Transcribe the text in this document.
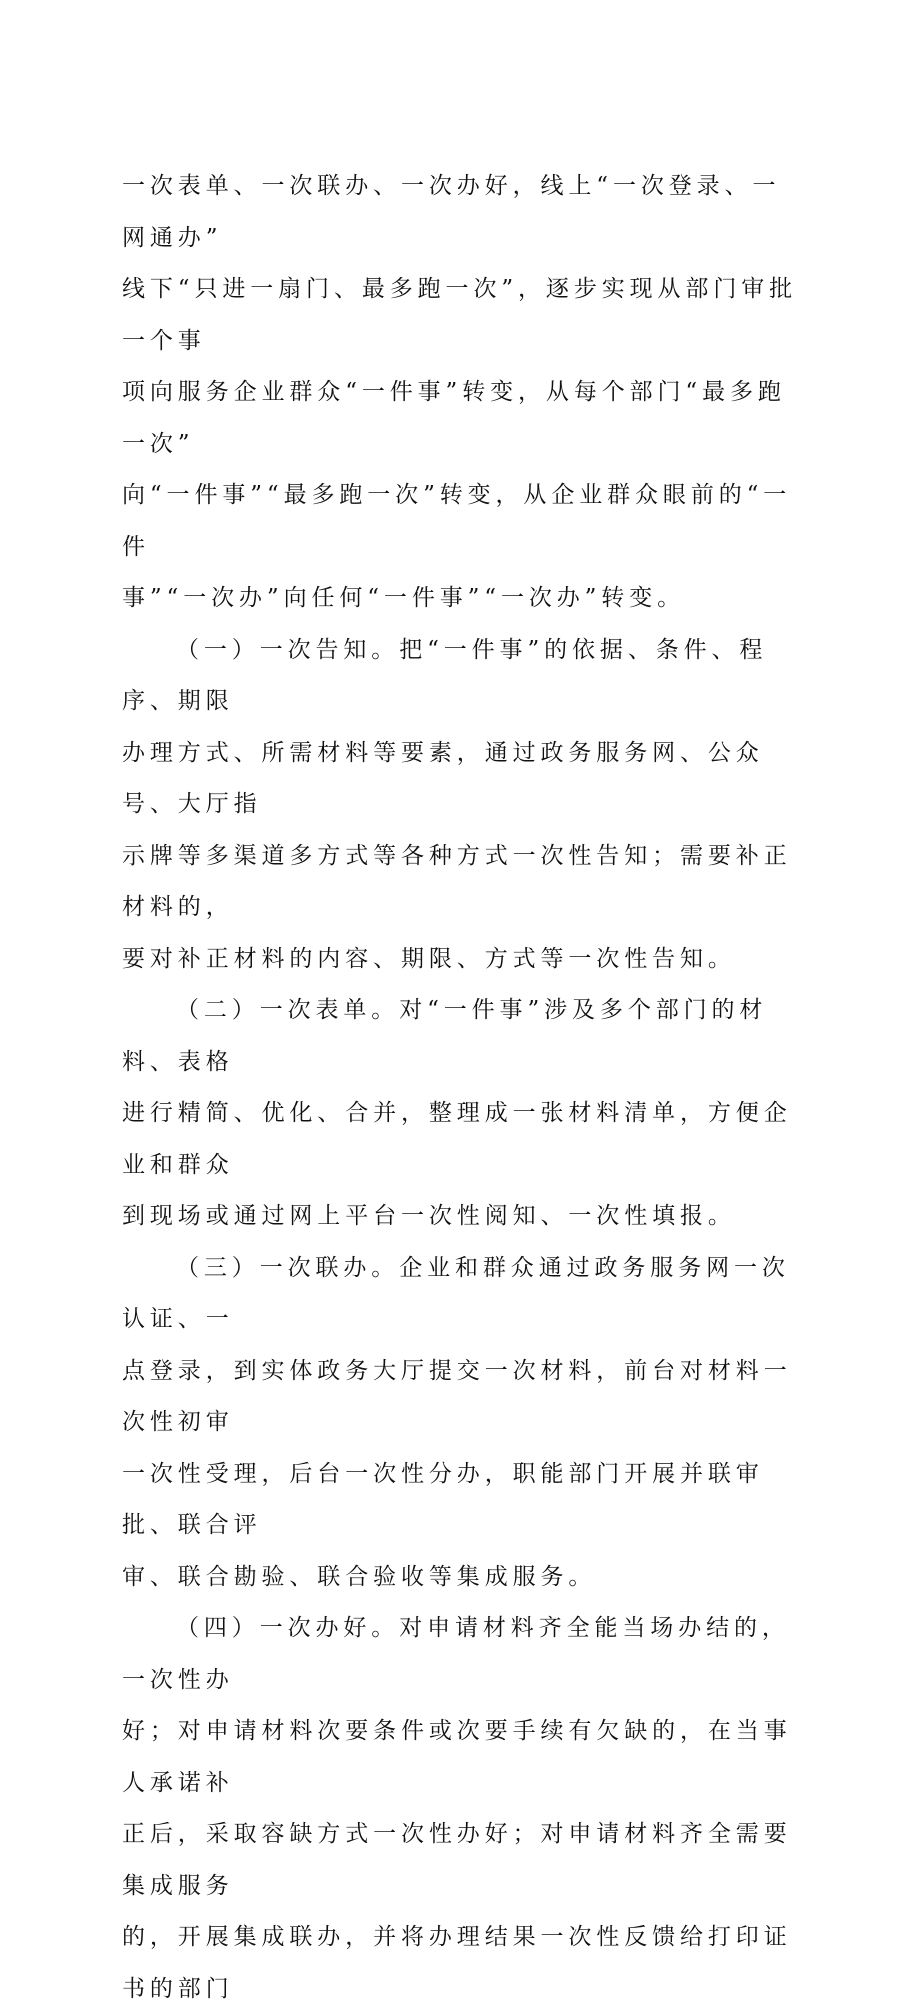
一次表单、一次联办、一次办好，线上“一次登录、一网通办”
线下“只进一扇门、最多跑一次”，逐步实现从部门审批一个事
项向服务企业群众“一件事”转变，从每个部门“最多跑一次”
向“一件事”“最多跑一次”转变，从企业群众眼前的“一件
事”“一次办”向任何“一件事”“一次办”转变。

（一）一次告知。把“一件事”的依据、条件、程序、期限
办理方式、所需材料等要素，通过政务服务网、公众号、大厅指
示牌等多渠道多方式等各种方式一次性告知；需要补正材料的，
要对补正材料的内容、期限、方式等一次性告知。

（二）一次表单。对“一件事”涉及多个部门的材料、表格
进行精简、优化、合并，整理成一张材料清单，方便企业和群众
到现场或通过网上平台一次性阅知、一次性填报。

（三）一次联办。企业和群众通过政务服务网一次认证、一
点登录，到实体政务大厅提交一次材料，前台对材料一次性初审
一次性受理，后台一次性分办，职能部门开展并联审批、联合评
审、联合勘验、联合验收等集成服务。

（四）一次办好。对申请材料齐全能当场办结的，一次性办
好；对申请材料次要条件或次要手续有欠缺的，在当事人承诺补
正后，采取容缺方式一次性办好；对申请材料齐全需要集成服务
的，开展集成联办，并将办理结果一次性反馈给打印证书的部门
